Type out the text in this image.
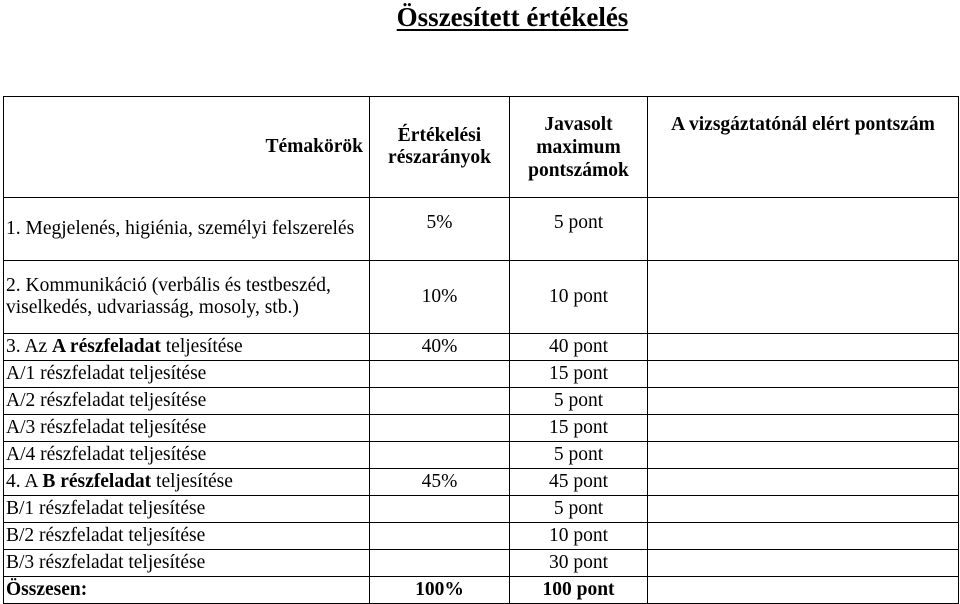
Összesített értékelés
Témakörök	Értékelési részarányok	Javasolt maximum pontszámok	A vizsgáztatónál elért pontszám
1. Megjelenés, higiénia, személyi felszerelés	5%	5 pont	
2. Kommunikáció (verbális és testbeszéd, viselkedés, udvariasság, mosoly, stb.)	10%	10 pont	
3. Az A részfeladat teljesítése	40%	40 pont	
A/1 részfeladat teljesítése		15 pont	
A/2 részfeladat teljesítése		5 pont	
A/3 részfeladat teljesítése		15 pont	
A/4 részfeladat teljesítése		5 pont	
4. A B részfeladat teljesítése	45%	45 pont	
B/1 részfeladat teljesítése		5 pont	
B/2 részfeladat teljesítése		10 pont	
B/3 részfeladat teljesítése		30 pont	
Összesen:	100%	100 pont	
